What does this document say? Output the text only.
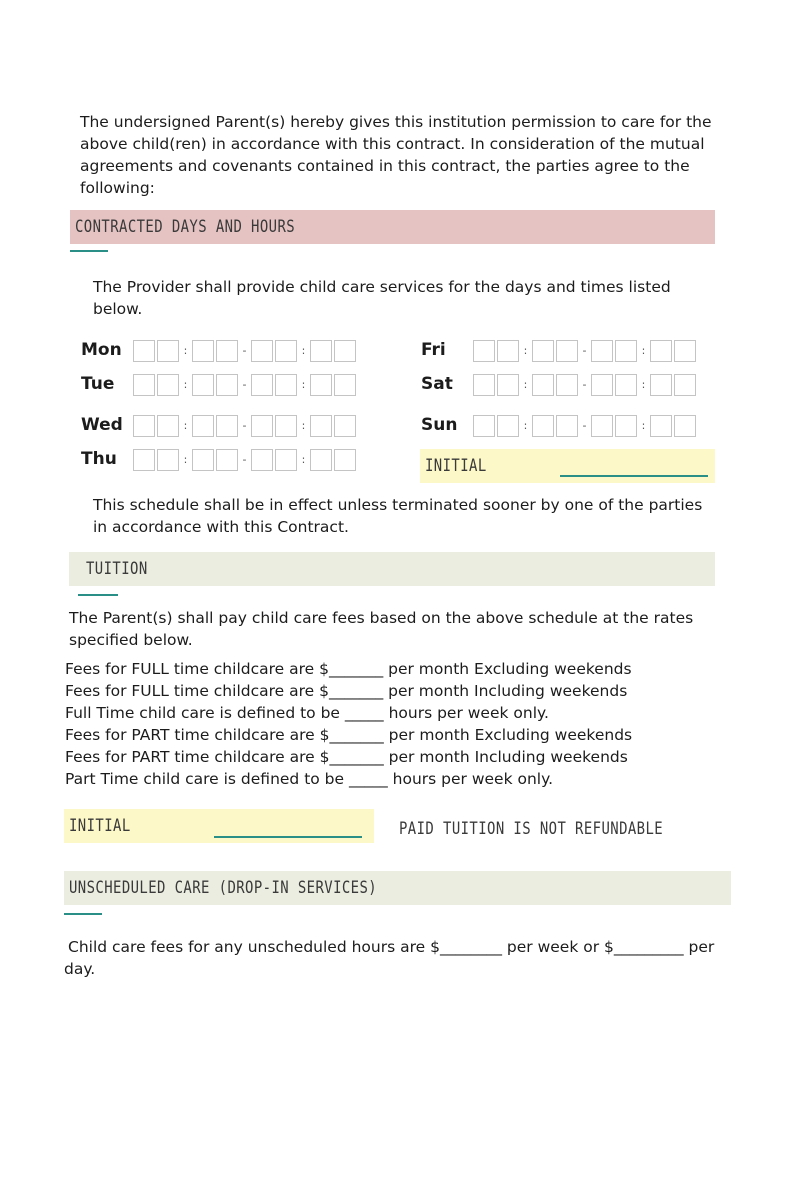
The undersigned Parent(s) hereby gives this institution permission to care for the above child(ren) in accordance with this contract. In consideration of the mutual agreements and covenants contained in this contract, the parties agree to the following:
CONTRACTED DAYS AND HOURS
The Provider shall provide child care services for the days and times listed below.
Mon	:	-	:
Tue	:	-	:
Wed	:	-	:
Thu	:	-	:
Fri	:	-	:
Sat	:	-	:
Sun	:	-	:
INITIAL
This schedule shall be in effect unless terminated sooner by one of the parties in accordance with this Contract.
TUITION
The Parent(s) shall pay child care fees based on the above schedule at the rates specified below.
Fees for FULL time childcare are $_______ per month Excluding weekends
Fees for FULL time childcare are $_______ per month Including weekends
Full Time child care is defined to be _____ hours per week only.
Fees for PART time childcare are $_______ per month Excluding weekends
Fees for PART time childcare are $_______ per month Including weekends
Part Time child care is defined to be _____ hours per week only.
INITIAL	PAID TUITION IS NOT REFUNDABLE
UNSCHEDULED CARE (DROP-IN SERVICES)
Child care fees for any unscheduled hours are $________ per week or $_________ per day.
